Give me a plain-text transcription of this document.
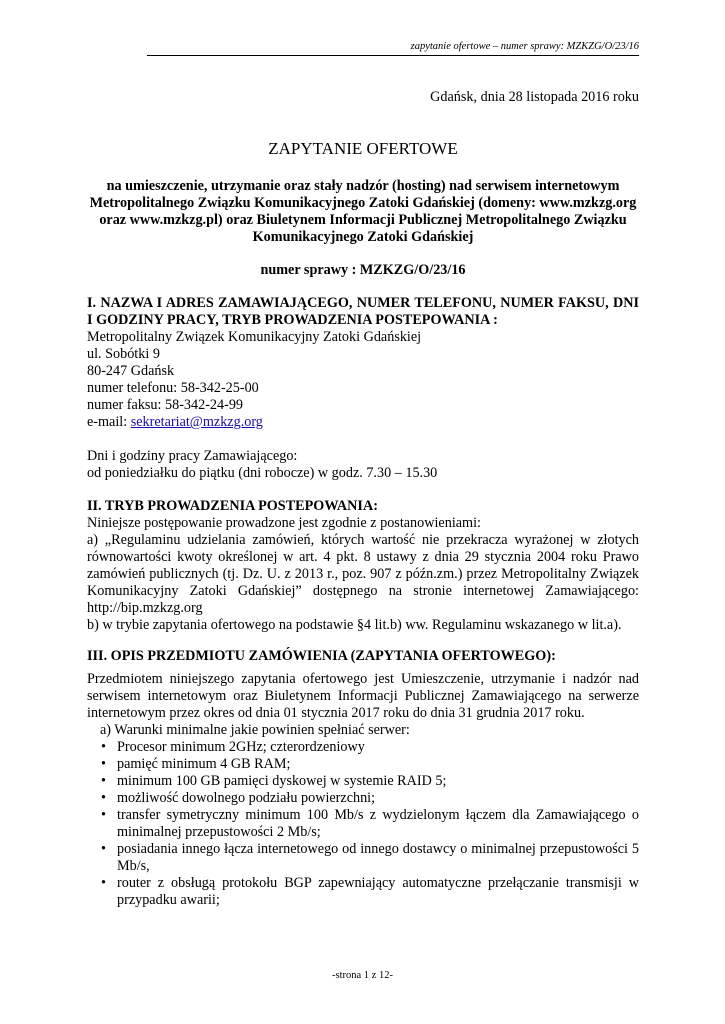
zapytanie ofertowe – numer sprawy: MZKZG/O/23/16
Gdańsk, dnia 28 listopada 2016 roku
ZAPYTANIE OFERTOWE
na umieszczenie, utrzymanie oraz stały nadzór (hosting) nad serwisem internetowym Metropolitalnego Związku Komunikacyjnego Zatoki Gdańskiej (domeny: www.mzkzg.org oraz www.mzkzg.pl) oraz Biuletynem Informacji Publicznej Metropolitalnego Związku Komunikacyjnego Zatoki Gdańskiej
numer sprawy : MZKZG/O/23/16
I. NAZWA I ADRES ZAMAWIAJĄCEGO, NUMER TELEFONU, NUMER FAKSU, DNI I GODZINY PRACY, TRYB PROWADZENIA POSTEPOWANIA :

Metropolitalny Związek Komunikacyjny Zatoki Gdańskiej

ul. Sobótki 9

80-247 Gdańsk

numer telefonu: 58-342-25-00

numer faksu: 58-342-24-99

e-mail: sekretariat@mzkzg.org

Dni i godziny pracy Zamawiającego:

od poniedziałku do piątku (dni robocze) w godz. 7.30 – 15.30

II. TRYB PROWADZENIA POSTEPOWANIA:

Niniejsze postępowanie prowadzone jest zgodnie z postanowieniami:

a) „Regulaminu udzielania zamówień, których wartość nie przekracza wyrażonej w złotych równowartości kwoty określonej w art. 4 pkt. 8 ustawy z dnia 29 stycznia 2004 roku Prawo zamówień publicznych (tj. Dz. U. z 2013 r., poz. 907 z późn.zm.) przez Metropolitalny Związek Komunikacyjny Zatoki Gdańskiej” dostępnego na stronie internetowej Zamawiającego: http://bip.mzkzg.org

b) w trybie zapytania ofertowego na podstawie §4 lit.b) ww. Regulaminu wskazanego w lit.a).

III. OPIS PRZEDMIOTU ZAMÓWIENIA (ZAPYTANIA OFERTOWEGO):

Przedmiotem niniejszego zapytania ofertowego jest Umieszczenie, utrzymanie i nadzór nad serwisem internetowym oraz Biuletynem Informacji Publicznej Zamawiającego na serwerze internetowym przez okres od dnia 01 stycznia 2017 roku do dnia 31 grudnia 2017 roku.

a) Warunki minimalne jakie powinien spełniać serwer:

• Procesor minimum 2GHz; czterordzeniowy
• pamięć minimum 4 GB RAM;
• minimum 100 GB pamięci dyskowej w systemie RAID 5;
• możliwość dowolnego podziału powierzchni;
• transfer symetryczny minimum 100 Mb/s z wydzielonym łączem dla Zamawiającego o minimalnej przepustowości 2 Mb/s;
• posiadania innego łącza internetowego od innego dostawcy o minimalnej przepustowości 5 Mb/s,
• router z obsługą protokołu BGP zapewniający automatyczne przełączanie transmisji w przypadku awarii;
-strona 1 z 12-
